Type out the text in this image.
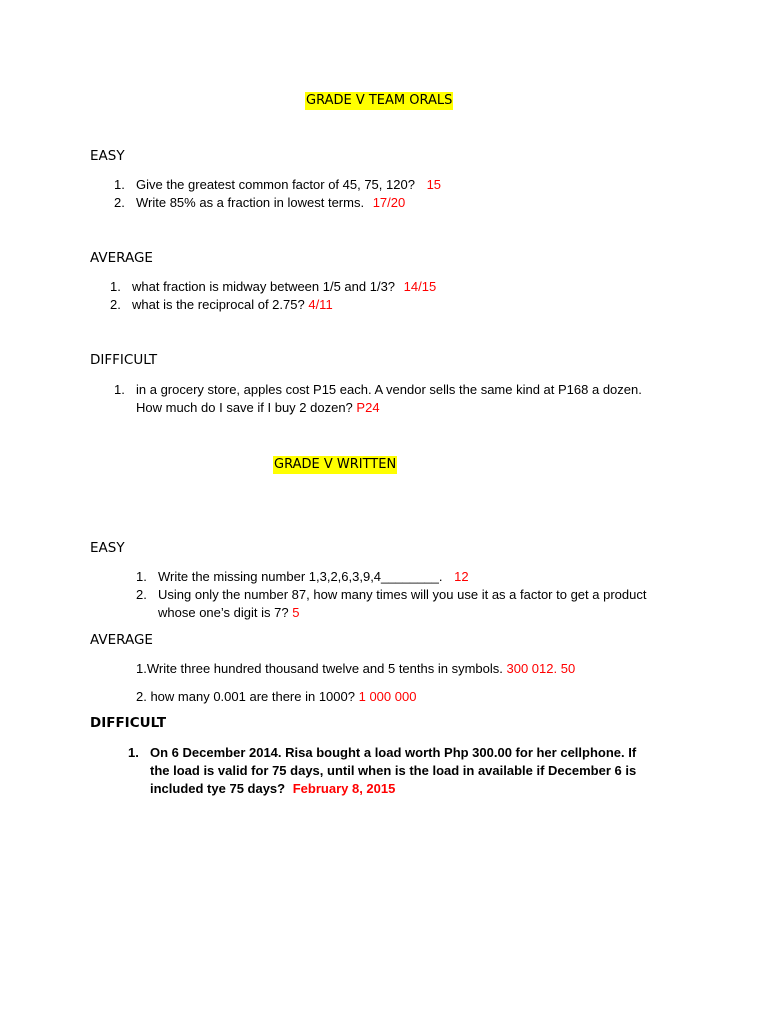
GRADE V TEAM ORALS
EASY
1. Give the greatest common factor of 45, 75, 120? 15
2. Write 85% as a fraction in lowest terms. 17/20
AVERAGE
1. what fraction is midway between 1/5 and 1/3? 14/15
2. what is the reciprocal of 2.75? 4/11
DIFFICULT
1. in a grocery store, apples cost P15 each. A vendor sells the same kind at P168 a dozen.
How much do I save if I buy 2 dozen? P24
GRADE V WRITTEN
EASY
1. Write the missing number 1,3,2,6,3,9,4________. 12
2. Using only the number 87, how many times will you use it as a factor to get a product
whose one’s digit is 7? 5
AVERAGE
1.Write three hundred thousand twelve and 5 tenths in symbols. 300 012. 50
2. how many 0.001 are there in 1000? 1 000 000
DIFFICULT
1. On 6 December 2014. Risa bought a load worth Php 300.00 for her cellphone. If
the load is valid for 75 days, until when is the load in available if December 6 is
included tye 75 days? February 8, 2015
